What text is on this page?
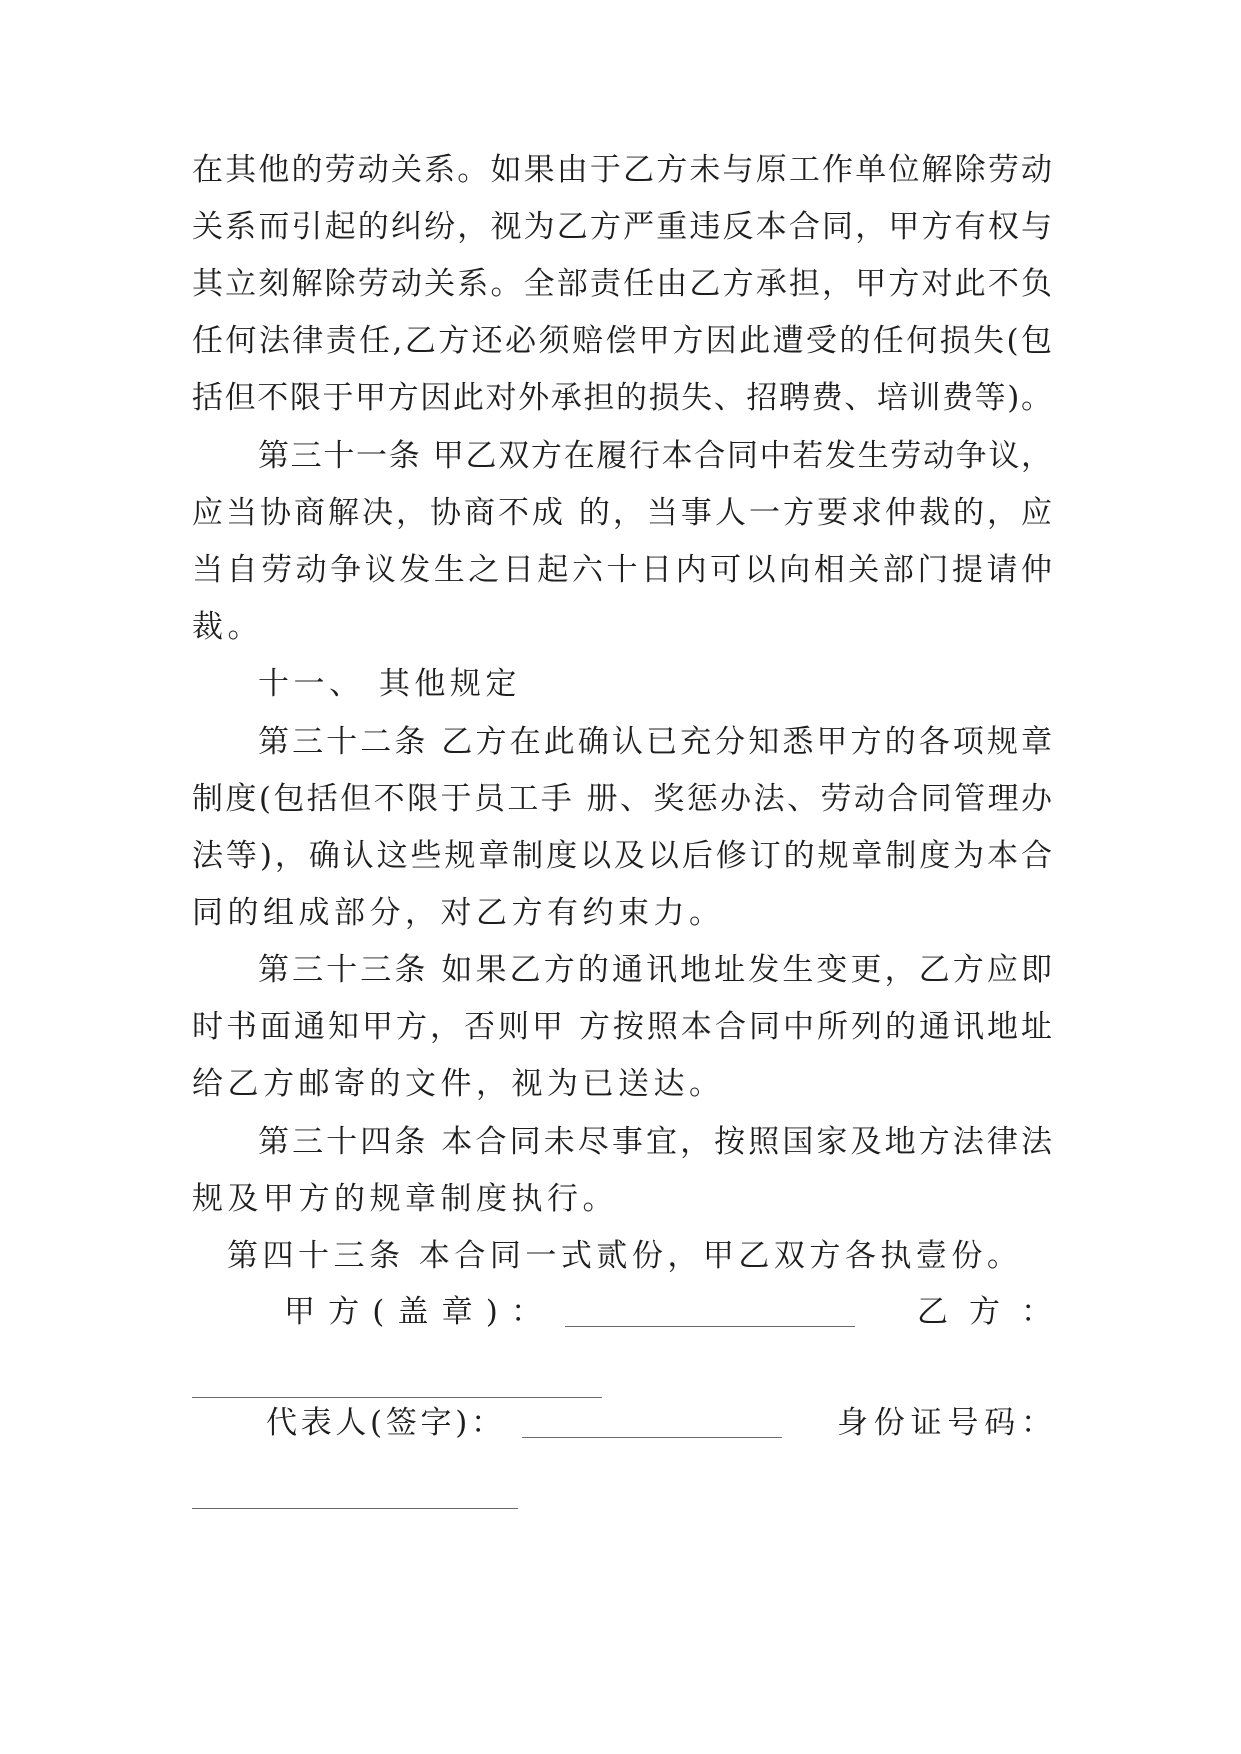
在其他的劳动关系。如果由于乙方未与原工作单位解除劳动
关系而引起的纠纷，视为乙方严重违反本合同，甲方有权与
其立刻解除劳动关系。全部责任由乙方承担，甲方对此不负
任何法律责任,乙方还必须赔偿甲方因此遭受的任何损失(包
括但不限于甲方因此对外承担的损失、招聘费、培训费等)。
第三十一条 甲乙双方在履行本合同中若发生劳动争议，
应当协商解决，协商不成 的，当事人一方要求仲裁的，应
当自劳动争议发生之日起六十日内可以向相关部门提请仲
裁。
十一、 其他规定
第三十二条 乙方在此确认已充分知悉甲方的各项规章
制度(包括但不限于员工手 册、奖惩办法、劳动合同管理办
法等)，确认这些规章制度以及以后修订的规章制度为本合
同的组成部分，对乙方有约束力。
第三十三条 如果乙方的通讯地址发生变更，乙方应即
时书面通知甲方，否则甲 方按照本合同中所列的通讯地址
给乙方邮寄的文件，视为已送达。
第三十四条 本合同未尽事宜，按照国家及地方法律法
规及甲方的规章制度执行。
第四十三条 本合同一式贰份，甲乙双方各执壹份。
甲方(盖章)：	乙方：
代表人(签字)：	身份证号码：
